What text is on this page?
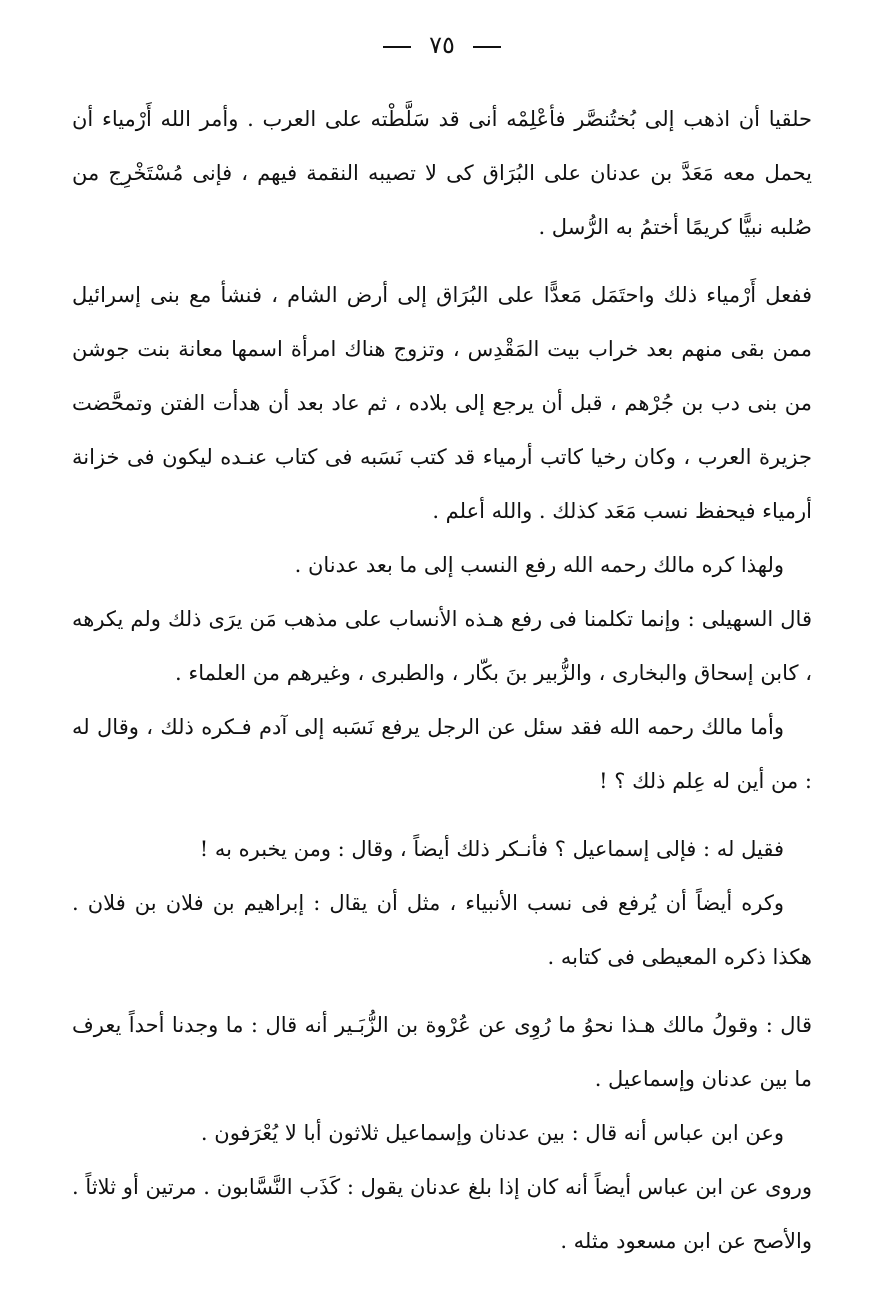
٧٥

حلقيا أن اذهب إلى بُختُنصَّر فأعْلِمْه أنى قد سَلَّطْته على العرب . وأمر الله أَرْمياء أن يحمل معه مَعَدَّ بن عدنان على البُرَاق كى لا تصيبه النقمة فيهم ، فإنى مُسْتَخْرِج من صُلبه نبيًّا كريمًا أختمُ به الرُّسل .

ففعل أَرْمياء ذلك واحتَمَل مَعدًّا على البُرَاق إلى أرض الشام ، فنشأ مع بنى إسرائيل ممن بقى منهم بعد خراب بيت المَقْدِس ، وتزوج هناك امرأة اسمها معانة بنت جوشن من بنى دب بن جُرْهم ، قبل أن يرجع إلى بلاده ، ثم عاد بعد أن هدأت الفتن وتمحَّضت جزيرة العرب ، وكان رخيا كاتب أرمياء قد كتب نَسَبه فى كتاب عنـده ليكون فى خزانة أرمياء فيحفظ نسب مَعَد كذلك . والله أعلم .

ولهذا كره مالك رحمه الله رفع النسب إلى ما بعد عدنان .

قال السهيلى : وإنما تكلمنا فى رفع هـذه الأنساب على مذهب مَن يرَى ذلك ولم يكرهه ، كابن إسحاق والبخارى ، والزُّبير بنَ بكّار ، والطبرى ، وغيرهم من العلماء .

وأما مالك رحمه الله فقد سئل عن الرجل يرفع نَسَبه إلى آدم فـكره ذلك ، وقال له : من أين له عِلم ذلك ؟ !

فقيل له : فإلى إسماعيل ؟ فأنـكر ذلك أيضاً ، وقال : ومن يخبره به !

وكره أيضاً أن يُرفع فى نسب الأنبياء ، مثل أن يقال : إبراهيم بن فلان بن فلان . هكذا ذكره المعيطى فى كتابه .

قال : وقولُ مالك هـذا نحوُ ما رُوِى عن عُرْوة بن الزُّبَـير أنه قال : ما وجدنا أحداً يعرف ما بين عدنان وإسماعيل .

وعن ابن عباس أنه قال : بين عدنان وإسماعيل ثلاثون أبا لا يُعْرَفون .

وروى عن ابن عباس أيضاً أنه كان إذا بلغ عدنان يقول : كَذَب النَّسَّابون . مرتين أو ثلاثاً . والأصح عن ابن مسعود مثله .
